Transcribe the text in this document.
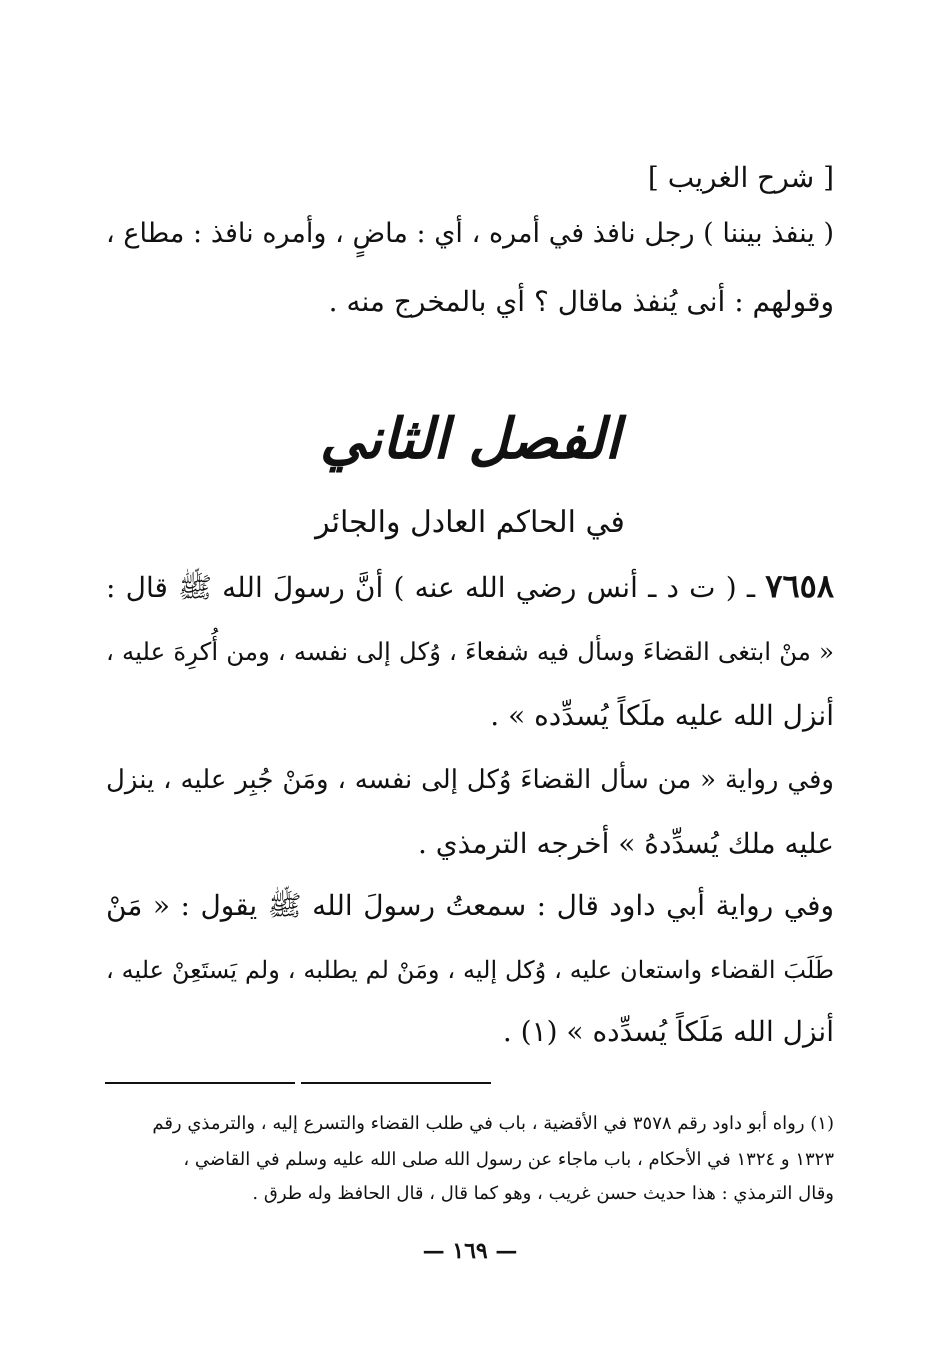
[ شرح الغريب ]
( ينفذ بيننا ) رجل نافذ في أمره ، أي : ماضٍ ، وأمره نافذ : مطاع ،
وقولهم : أنى يُنفذ ماقال ؟ أي بالمخرج منه .
الفصل الثاني
في الحاكم العادل والجائر
٧٦٥٨ ـ ( ت د ـ أنس رضي الله عنه ) أنَّ رسولَ الله ﷺ قال :
« منْ ابتغى القضاءَ وسأل فيه شفعاءَ ، وُكل إلى نفسه ، ومن أُكرِهَ عليه ،
أنزل الله عليه ملَكاً يُسدِّده » .
وفي رواية « من سأل القضاءَ وُكل إلى نفسه ، ومَنْ جُبِر عليه ، ينزل
عليه ملك يُسدِّدهُ » أخرجه الترمذي .
وفي رواية أبي داود قال : سمعتُ رسولَ الله ﷺ يقول : « مَنْ
طَلَبَ القضاء واستعان عليه ، وُكل إليه ، ومَنْ لم يطلبه ، ولم يَستَعِنْ عليه ،
أنزل الله مَلَكاً يُسدِّده » (١) .
(١) رواه أبو داود رقم ٣٥٧٨ في الأقضية ، باب في طلب القضاء والتسرع إليه ، والترمذي رقم
١٣٢٣ و ١٣٢٤ في الأحكام ، باب ماجاء عن رسول الله صلى الله عليه وسلم في القاضي ،
وقال الترمذي : هذا حديث حسن غريب ، وهو كما قال ، قال الحافظ وله طرق .
— ١٦٩ —
